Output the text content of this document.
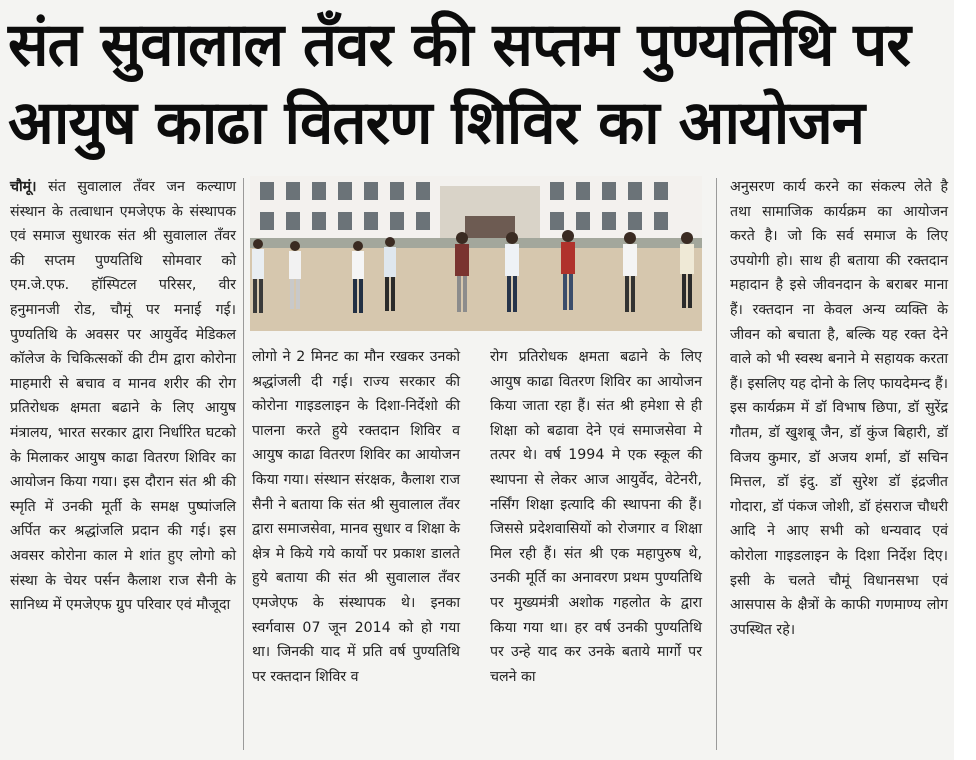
संत सुवालाल तँवर की सप्तम पुण्यतिथि पर
आयुष काढा वितरण शिविर का आयोजन

चौमूं। संत सुवालाल तँवर जन कल्याण संस्थान के तत्वाधान एमजेएफ के संस्थापक एवं समाज सुधारक संत श्री सुवालाल तँवर की सप्तम पुण्यतिथि सोमवार को एम.जे.एफ. हॉस्पिटल परिसर, वीर हनुमानजी रोड, चौमूं पर मनाई गई। पुण्यतिथि के अवसर पर आयुर्वेद मेडिकल कॉलेज के चिकित्सकों की टीम द्वारा कोरोना माहमारी से बचाव व मानव शरीर की रोग प्रतिरोधक क्षमता बढाने के लिए आयुष मंत्रालय, भारत सरकार द्वारा निर्धारित घटको के मिलाकर आयुष काढा वितरण शिविर का आयोजन किया गया। इस दौरान संत श्री की स्मृति में उनकी मूर्ती के समक्ष पुष्पांजलि अर्पित कर श्रद्धांजलि प्रदान की गई। इस अवसर कोरोना काल मे शांत हुए लोगो को संस्था के चेयर पर्सन कैलाश राज सैनी के सानिध्य में एमजेएफ ग्रुप परिवार एवं मौजूदा

लोगो ने 2 मिनट का मौन रखकर उनको श्रद्धांजली दी गई। राज्य सरकार की कोरोना गाइडलाइन के दिशा-निर्देशो की पालना करते हुये रक्तदान शिविर व आयुष काढा वितरण शिविर का आयोजन किया गया। संस्थान संरक्षक, कैलाश राज सैनी ने बताया कि संत श्री सुवालाल तँवर द्वारा समाजसेवा, मानव सुधार व शिक्षा के क्षेत्र मे किये गये कार्यो पर प्रकाश डालते हुये बताया की संत श्री सुवालाल तँवर एमजेएफ के संस्थापक थे। इनका स्वर्गवास 07 जून 2014 को हो गया था। जिनकी याद में प्रति वर्ष पुण्यतिथि पर रक्तदान शिविर व

रोग प्रतिरोधक क्षमता बढाने के लिए आयुष काढा वितरण शिविर का आयोजन किया जाता रहा हैं। संत श्री हमेशा से ही शिक्षा को बढावा देने एवं समाजसेवा मे तत्पर थे। वर्ष 1994 मे एक स्कूल की स्थापना से लेकर आज आयुर्वेद, वेटेनरी, नर्सिंग शिक्षा इत्यादि की स्थापना की हैं। जिससे प्रदेशवासियों को रोजगार व शिक्षा मिल रही हैं। संत श्री एक महापुरुष थे, उनकी मूर्ति का अनावरण प्रथम पुण्यतिथि पर मुख्यमंत्री अशोक गहलोत के द्वारा किया गया था। हर वर्ष उनकी पुण्यतिथि पर उन्हे याद कर उनके बताये मार्गो पर चलने का

अनुसरण कार्य करने का संकल्प लेते है तथा सामाजिक कार्यक्रम का आयोजन करते है। जो कि सर्व समाज के लिए उपयोगी हो। साथ ही बताया की रक्तदान महादान है इसे जीवनदान के बराबर माना हैं। रक्तदान ना केवल अन्य व्यक्ति के जीवन को बचाता है, बल्कि यह रक्त देने वाले को भी स्वस्थ बनाने मे सहायक करता हैं। इसलिए यह दोनो के लिए फायदेमन्द हैं। इस कार्यक्रम में डॉ विभाष छिपा, डॉ सुरेंद्र गौतम, डॉ खुशबू जैन, डॉ कुंज बिहारी, डॉ विजय कुमार, डॉ अजय शर्मा, डॉ सचिन मित्तल, डॉ इंदु. डॉ सुरेश डॉ इंद्रजीत गोदारा, डॉ पंकज जोशी, डॉ हंसराज चौधरी आदि ने आए सभी को धन्यवाद एवं कोरोला गाइडलाइन के दिशा निर्देश दिए। इसी के चलते चौमूं विधानसभा एवं आसपास के क्षैत्रों के काफी गणमाण्य लोग उपस्थित रहे।
